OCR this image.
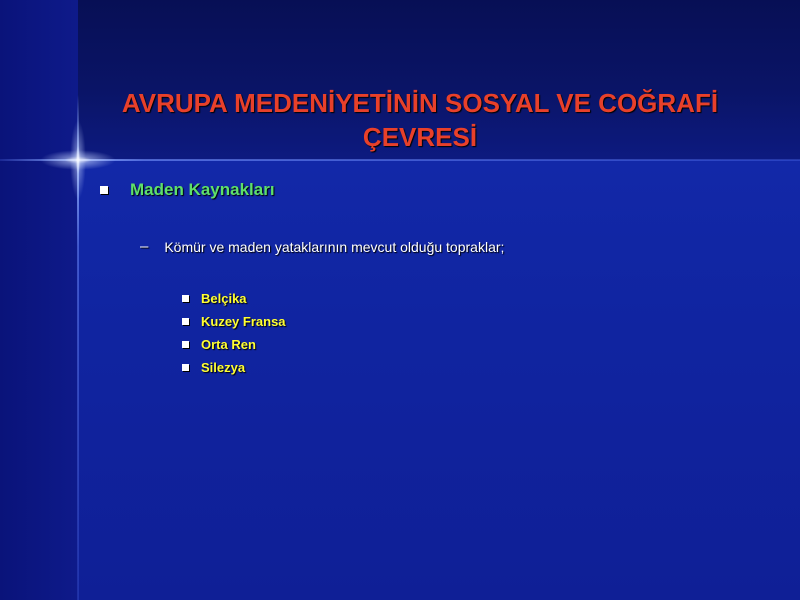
AVRUPA MEDENİYETİNİN SOSYAL VE COĞRAFİ
ÇEVRESİ
Maden Kaynakları
– Kömür ve maden yataklarının mevcut olduğu topraklar;
Belçika
Kuzey Fransa
Orta Ren
Silezya
